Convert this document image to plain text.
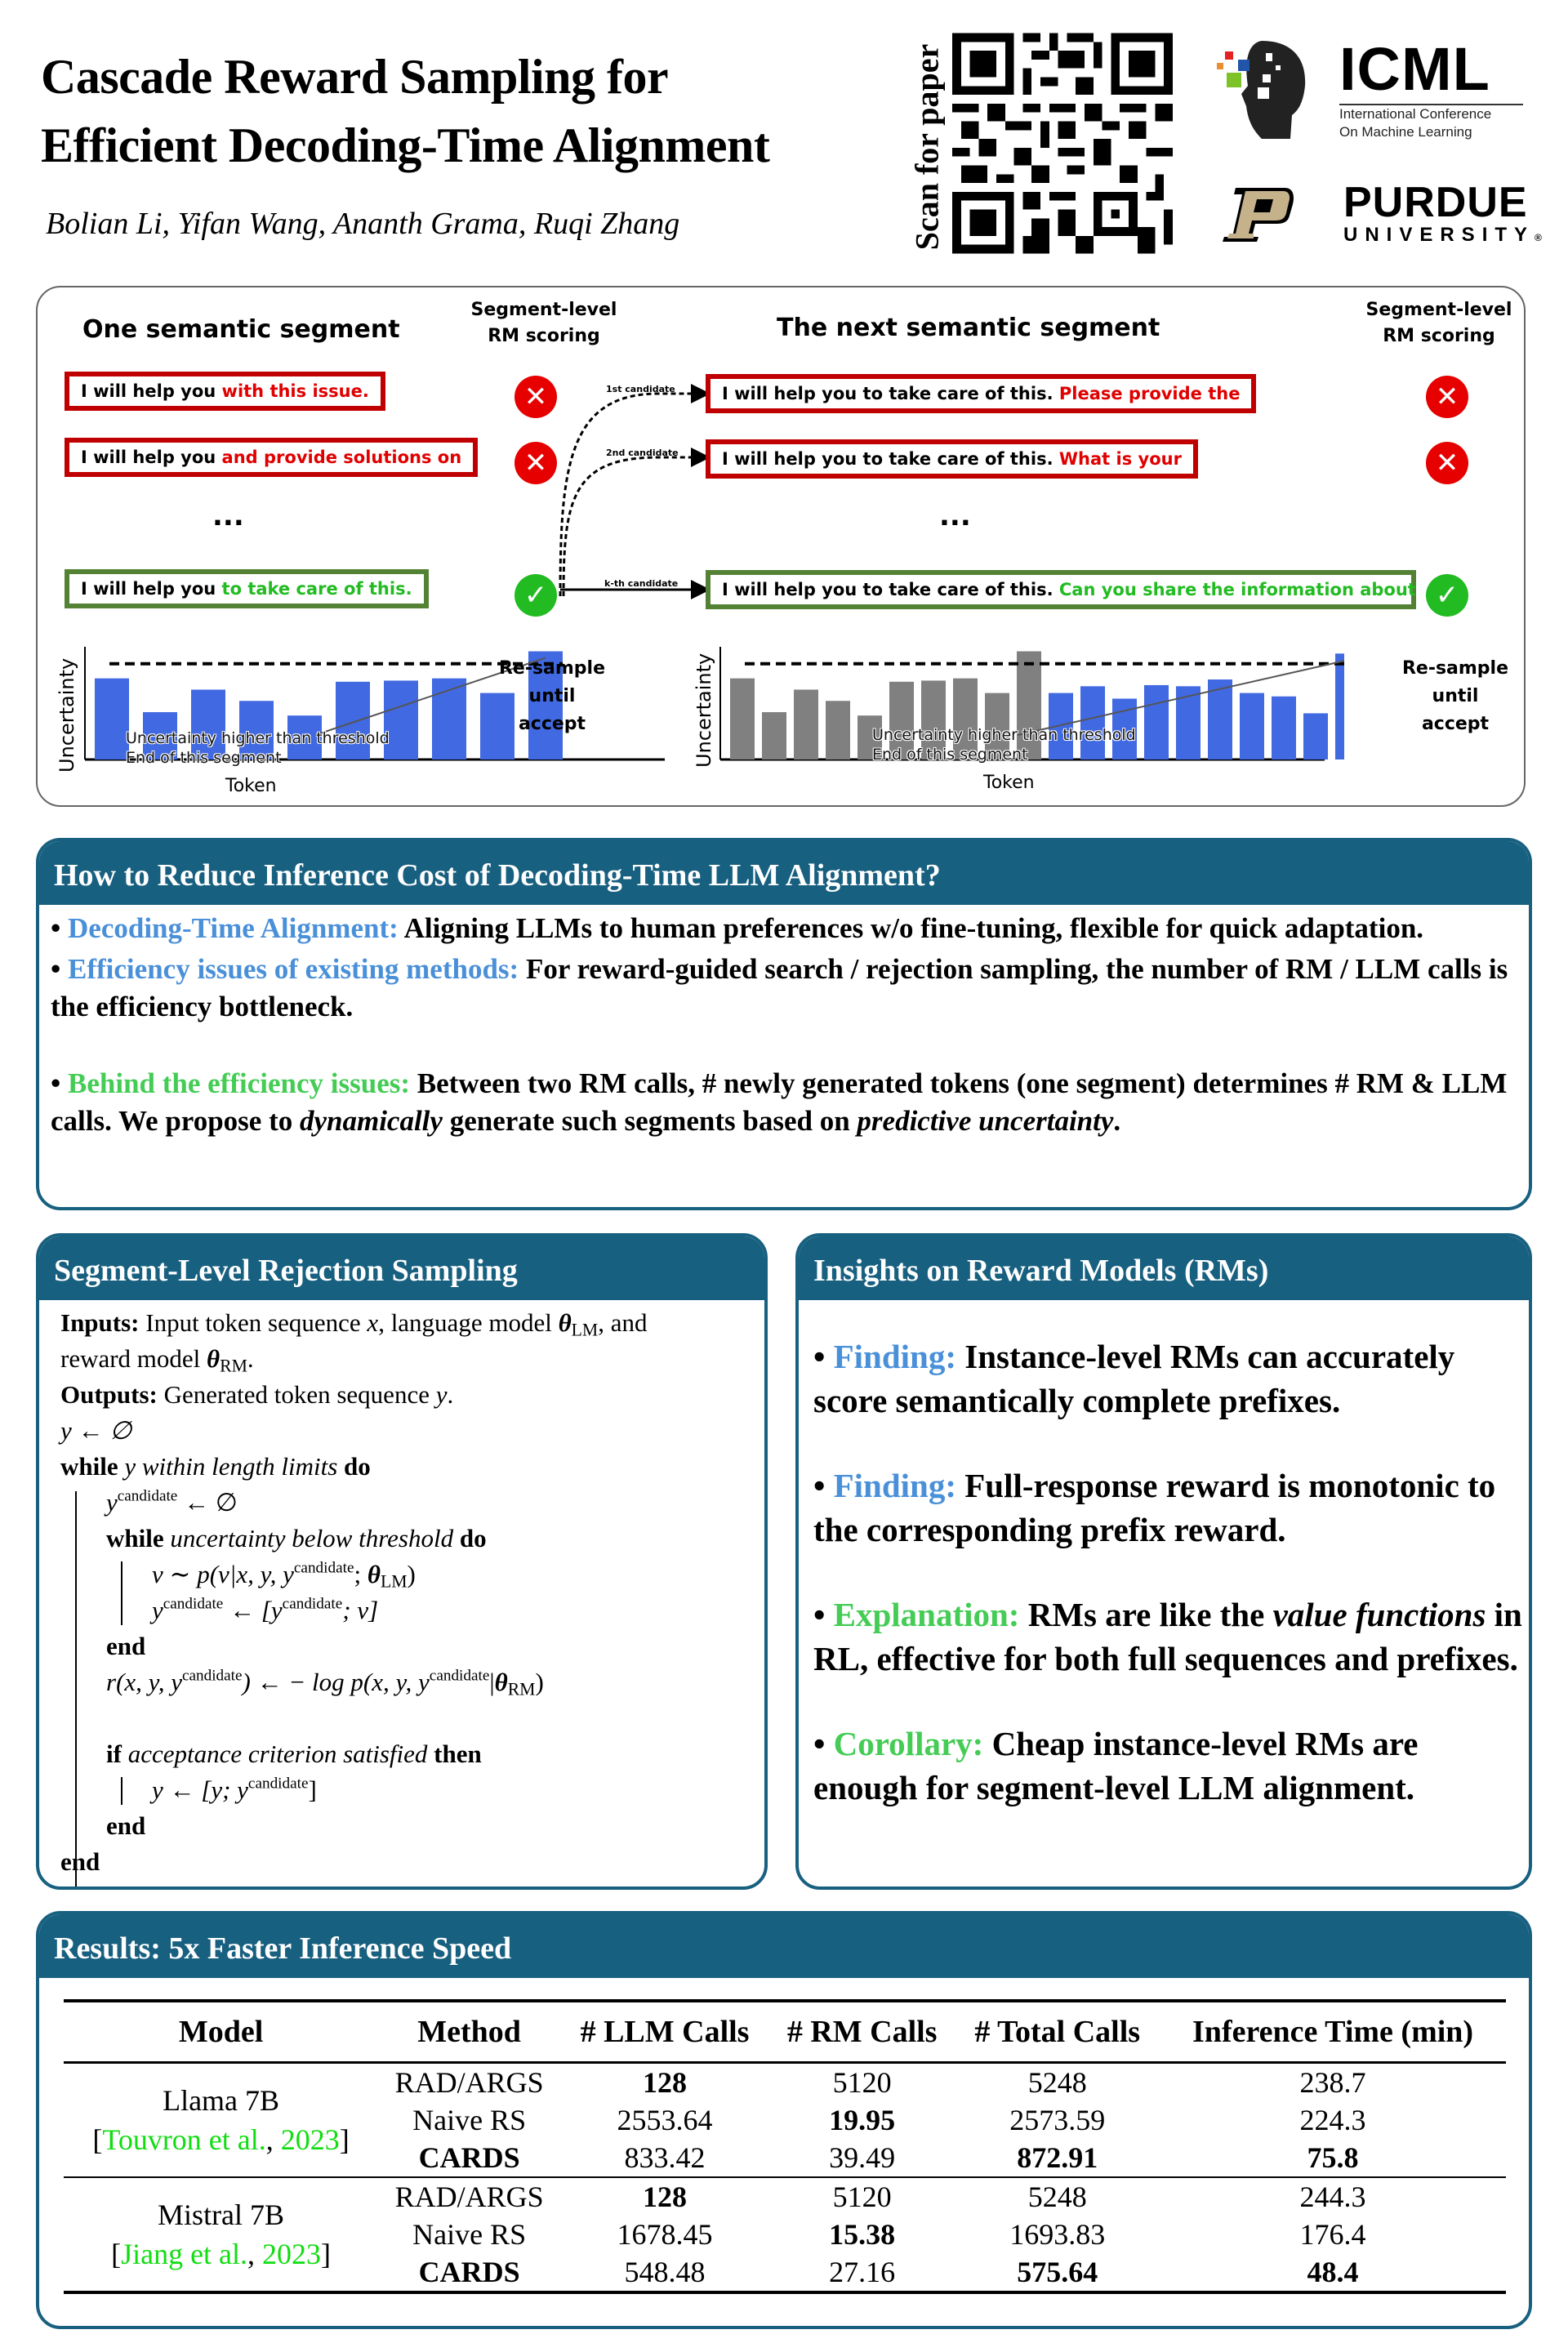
Cascade Reward Sampling for
Efficient Decoding-Time Alignment
Bolian Li, Yifan Wang, Ananth Grama, Ruqi Zhang	Scan for paper	ICML
International Conference
On Machine Learning
PURDUE
UNIVERSITY®
One semantic segment	The next semantic segment
Segment-level
RM scoring
Segment-level
RM scoring
I will help you with this issue.
I will help you and provide solutions on
...
I will help you to take care of this.
✕
✕
✓
1st candidate
2nd candidate
k-th candidate
I will help you to take care of this. Please provide the
I will help you to take care of this. What is your
...
I will help you to take care of this. Can you share the information about
✕
✕
✓
Uncertainty	Uncertainty
Token	Token
Uncertainty higher than threshold
End of this segment
Uncertainty higher than threshold
End of this segment
Re-sample
until accept
Re-sample
until accept
How to Reduce Inference Cost of Decoding-Time LLM Alignment?
• Decoding-Time Alignment: Aligning LLMs to human preferences w/o fine-tuning, flexible for quick adaptation.
• Efficiency issues of existing methods: For reward-guided search / rejection sampling, the number of RM / LLM calls is the efficiency bottleneck.
• Behind the efficiency issues: Between two RM calls, # newly generated tokens (one segment) determines # RM & LLM calls. We propose to dynamically generate such segments based on predictive uncertainty.
Segment-Level Rejection Sampling
Inputs: Input token sequence x, language model $\theta_{LM}$, and
reward model $\theta_{RM}$.
Outputs: Generated token sequence y.
y ← ∅
while y within length limits do
$y^{candidate}$ ← ∅
while uncertainty below threshold do
v ∼ p(v|x, y, $y^{candidate}$; $\theta_{LM}$)
$y^{candidate}$ ← [$y^{candidate}$; v]
end
r(x, y, $y^{candidate}$) ← − log p(x, y, $y^{candidate}|\theta_{RM}$)
if acceptance criterion satisfied then
y ← [y; $y^{candidate}$]
end
end
Insights on Reward Models (RMs)
• Finding: Instance-level RMs can accurately score semantically complete prefixes.
• Finding: Full-response reward is monotonic to the corresponding prefix reward.
• Explanation: RMs are like the value functions in RL, effective for both full sequences and prefixes.
• Corollary: Cheap instance-level RMs are enough for segment-level LLM alignment.
Results: 5x Faster Inference Speed
Model	Method	# LLM Calls	# RM Calls	# Total Calls	Inference Time (min)

Llama 7B
[Touvron et al., 2023]	RAD/ARGS	128	5120	5248	238.7
	Naive RS	2553.64	19.95	2573.59	224.3
	CARDS	833.42	39.49	872.91	75.8

Mistral 7B
[Jiang et al., 2023]	RAD/ARGS	128	5120	5248	244.3
	Naive RS	1678.45	15.38	1693.83	176.4
	CARDS	548.48	27.16	575.64	48.4
